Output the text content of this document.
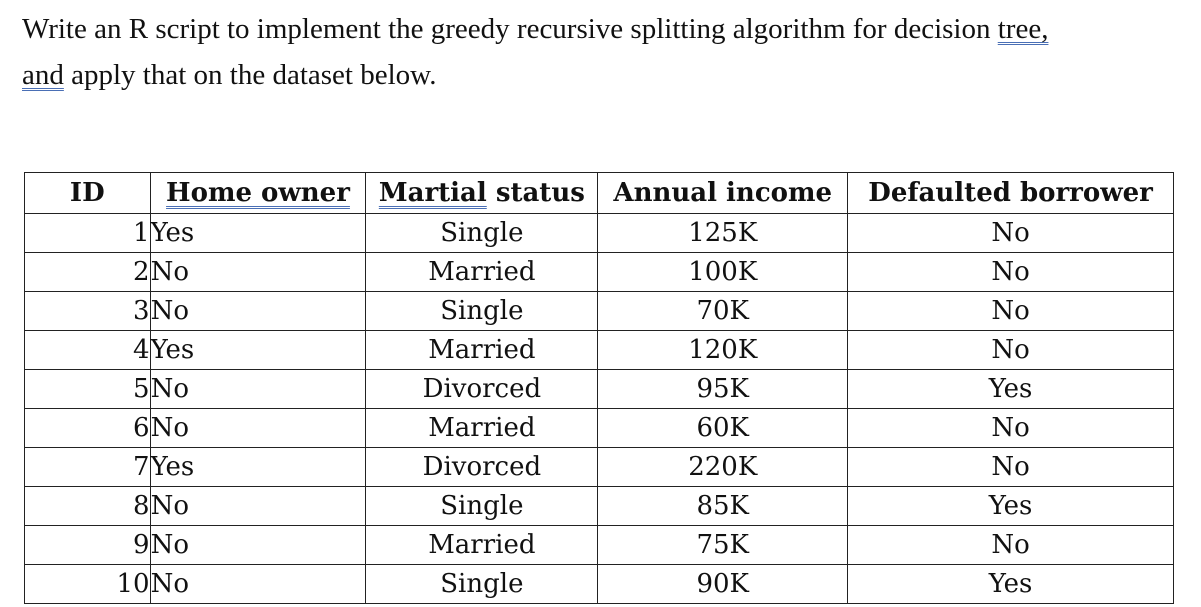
Write an R script to implement the greedy recursive splitting algorithm for decision tree,
and apply that on the dataset below.

ID	Home owner	Martial status	Annual income	Defaulted borrower
1	Yes	Single	125K	No
2	No	Married	100K	No
3	No	Single	70K	No
4	Yes	Married	120K	No
5	No	Divorced	95K	Yes
6	No	Married	60K	No
7	Yes	Divorced	220K	No
8	No	Single	85K	Yes
9	No	Married	75K	No
10	No	Single	90K	Yes
